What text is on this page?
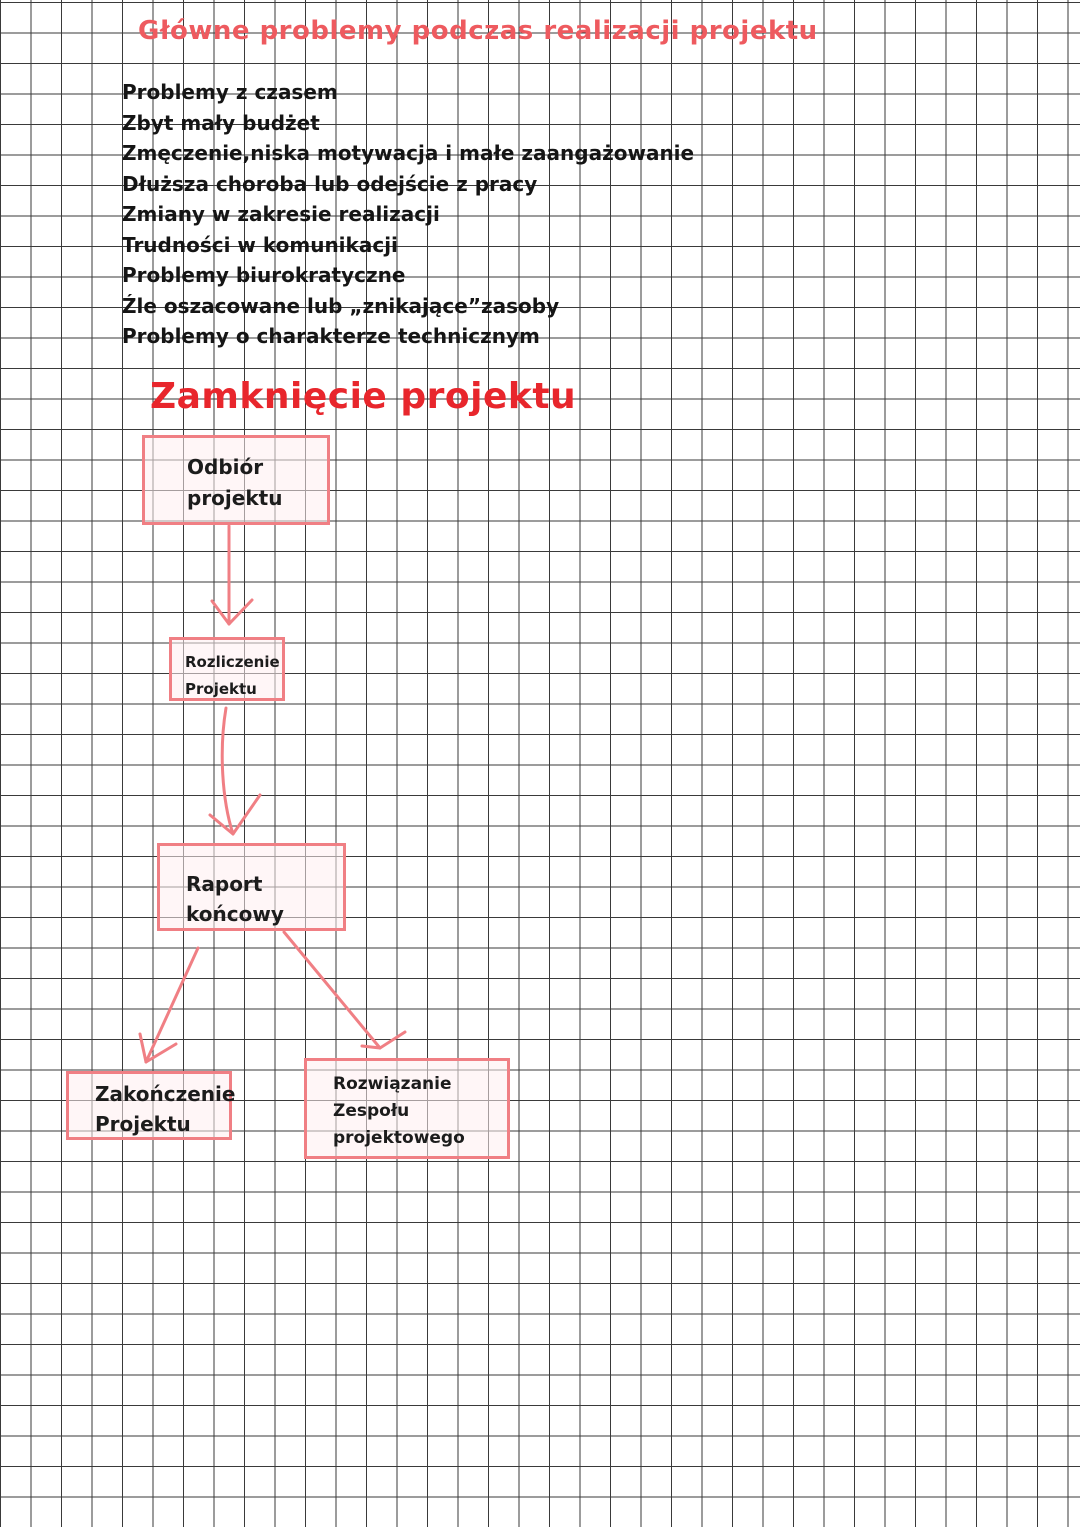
Główne problemy podczas realizacji projektu
Problemy z czasem
Zbyt mały budżet
Zmęczenie,niska motywacja i małe zaangażowanie
Dłuższa choroba lub odejście z pracy
Zmiany w zakresie realizacji
Trudności w komunikacji
Problemy biurokratyczne
Źle oszacowane lub „znikające”zasoby
Problemy o charakterze technicznym
Zamknięcie projektu
Odbiór
projektu
Rozliczenie
Projektu
Raport
końcowy
Zakończenie
Projektu
Rozwiązanie
Zespołu
projektowego
